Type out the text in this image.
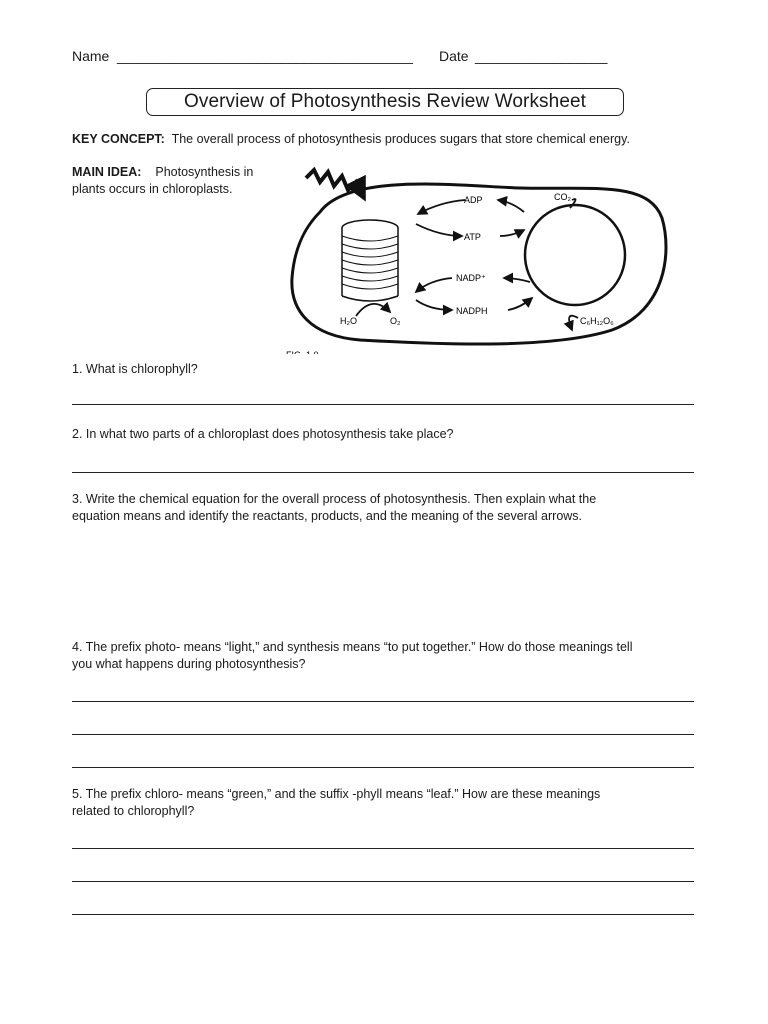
Name ______________________________________ Date _________________
Overview of Photosynthesis Review Worksheet
KEY CONCEPT: The overall process of photosynthesis produces sugars that store chemical energy.
MAIN IDEA: Photosynthesis in
plants occurs in chloroplasts.
ADP
ATP
NADP⁺
NADPH
CO₂
H₂O	O₂	C₆H₁₂O₆
1. What is chlorophyll?
2. In what two parts of a chloroplast does photosynthesis take place?
3. Write the chemical equation for the overall process of photosynthesis. Then explain what the
equation means and identify the reactants, products, and the meaning of the several arrows.
4. The prefix photo- means “light,” and synthesis means “to put together.” How do those meanings tell
you what happens during photosynthesis?
5. The prefix chloro- means “green,” and the suffix -phyll means “leaf.” How are these meanings
related to chlorophyll?
